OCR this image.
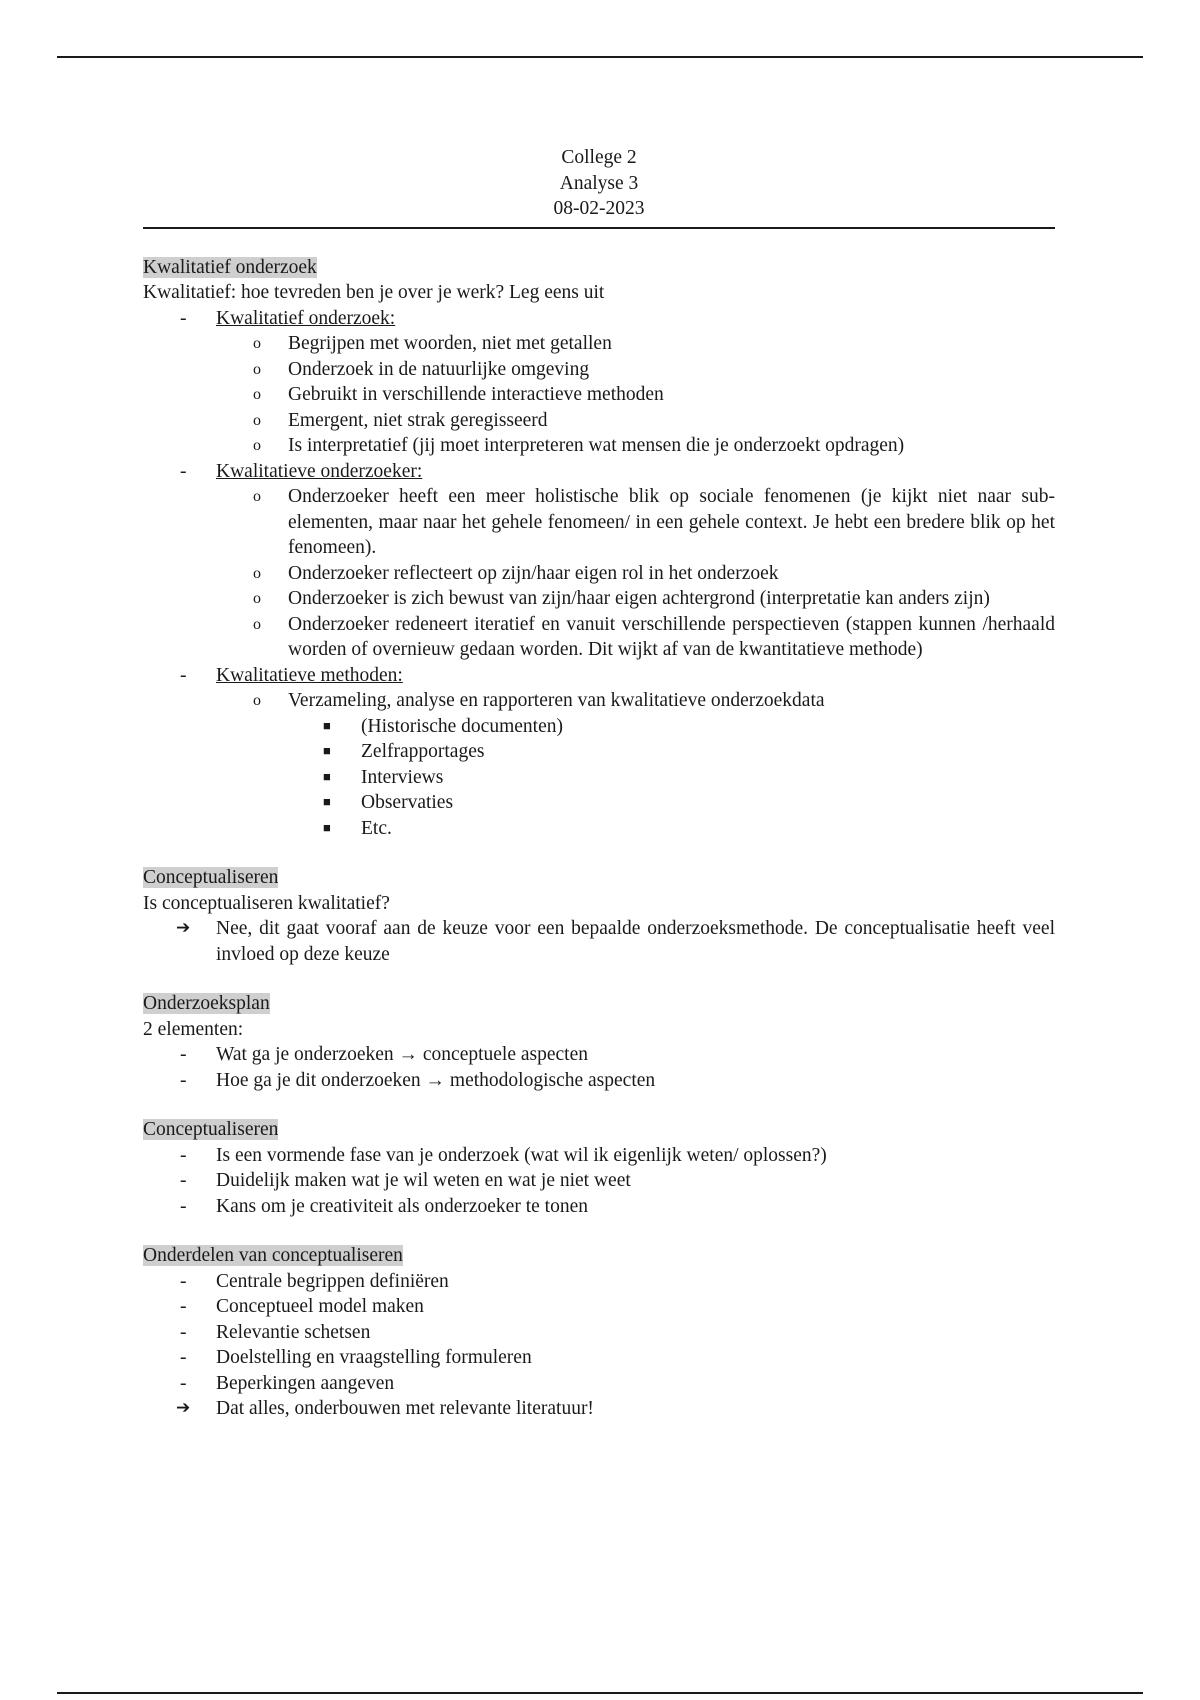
College 2
Analyse 3
08-02-2023
Kwalitatief onderzoek
Kwalitatief: hoe tevreden ben je over je werk? Leg eens uit
- Kwalitatief onderzoek:
o Begrijpen met woorden, niet met getallen
o Onderzoek in de natuurlijke omgeving
o Gebruikt in verschillende interactieve methoden
o Emergent, niet strak geregisseerd
o Is interpretatief (jij moet interpreteren wat mensen die je onderzoekt opdragen)
- Kwalitatieve onderzoeker:
o Onderzoeker heeft een meer holistische blik op sociale fenomenen (je kijkt niet naar sub-elementen, maar naar het gehele fenomeen/ in een gehele context. Je hebt een bredere blik op het fenomeen).
o Onderzoeker reflecteert op zijn/haar eigen rol in het onderzoek
o Onderzoeker is zich bewust van zijn/haar eigen achtergrond (interpretatie kan anders zijn)
o Onderzoeker redeneert iteratief en vanuit verschillende perspectieven (stappen kunnen /herhaald worden of overnieuw gedaan worden. Dit wijkt af van de kwantitatieve methode)
- Kwalitatieve methoden:
o Verzameling, analyse en rapporteren van kwalitatieve onderzoekdata
■ (Historische documenten)
■ Zelfrapportages
■ Interviews
■ Observaties
■ Etc.
Conceptualiseren
Is conceptualiseren kwalitatief?
➔ Nee, dit gaat vooraf aan de keuze voor een bepaalde onderzoeksmethode. De conceptualisatie heeft veel invloed op deze keuze
Onderzoeksplan
2 elementen:
- Wat ga je onderzoeken → conceptuele aspecten
- Hoe ga je dit onderzoeken → methodologische aspecten
Conceptualiseren
- Is een vormende fase van je onderzoek (wat wil ik eigenlijk weten/ oplossen?)
- Duidelijk maken wat je wil weten en wat je niet weet
- Kans om je creativiteit als onderzoeker te tonen
Onderdelen van conceptualiseren
- Centrale begrippen definiëren
- Conceptueel model maken
- Relevantie schetsen
- Doelstelling en vraagstelling formuleren
- Beperkingen aangeven
➔ Dat alles, onderbouwen met relevante literatuur!
